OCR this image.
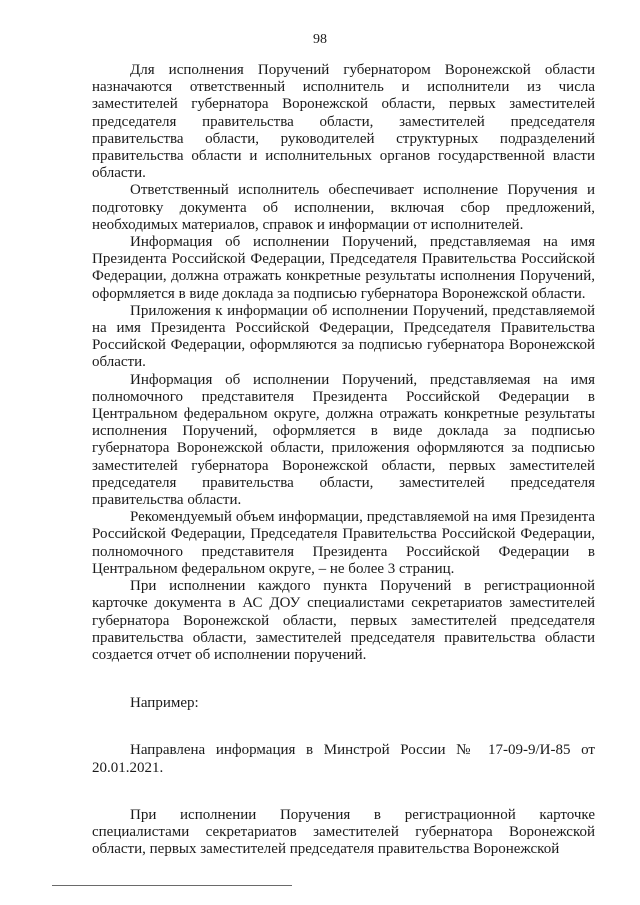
98

Для исполнения Поручений губернатором Воронежской области назначаются ответственный исполнитель и исполнители из числа заместителей губернатора Воронежской области, первых заместителей председателя правительства области, заместителей председателя правительства области, руководителей структурных подразделений правительства области и исполнительных органов государственной власти области.

Ответственный исполнитель обеспечивает исполнение Поручения и подготовку документа об исполнении, включая сбор предложений, необходимых материалов, справок и информации от исполнителей.

Информация об исполнении Поручений, представляемая на имя Президента Российской Федерации, Председателя Правительства Российской Федерации, должна отражать конкретные результаты исполнения Поручений, оформляется в виде доклада за подписью губернатора Воронежской области.

Приложения к информации об исполнении Поручений, представляемой на имя Президента Российской Федерации, Председателя Правительства Российской Федерации, оформляются за подписью губернатора Воронежской области.

Информация об исполнении Поручений, представляемая на имя полномочного представителя Президента Российской Федерации в Центральном федеральном округе, должна отражать конкретные результаты исполнения Поручений, оформляется в виде доклада за подписью губернатора Воронежской области, приложения оформляются за подписью заместителей губернатора Воронежской области, первых заместителей председателя правительства области, заместителей председателя правительства области.

Рекомендуемый объем информации, представляемой на имя Президента Российской Федерации, Председателя Правительства Российской Федерации, полномочного представителя Президента Российской Федерации в Центральном федеральном округе, – не более 3 страниц.

При исполнении каждого пункта Поручений в регистрационной карточке документа в АС ДОУ специалистами секретариатов заместителей губернатора Воронежской области, первых заместителей председателя правительства области, заместителей председателя правительства области создается отчет об исполнении поручений.

Например:

Направлена информация в Минстрой России № 17-09-9/И-85 от 20.01.2021.

При исполнении Поручения в регистрационной карточке специалистами секретариатов заместителей губернатора Воронежской области, первых заместителей председателя правительства Воронежской
